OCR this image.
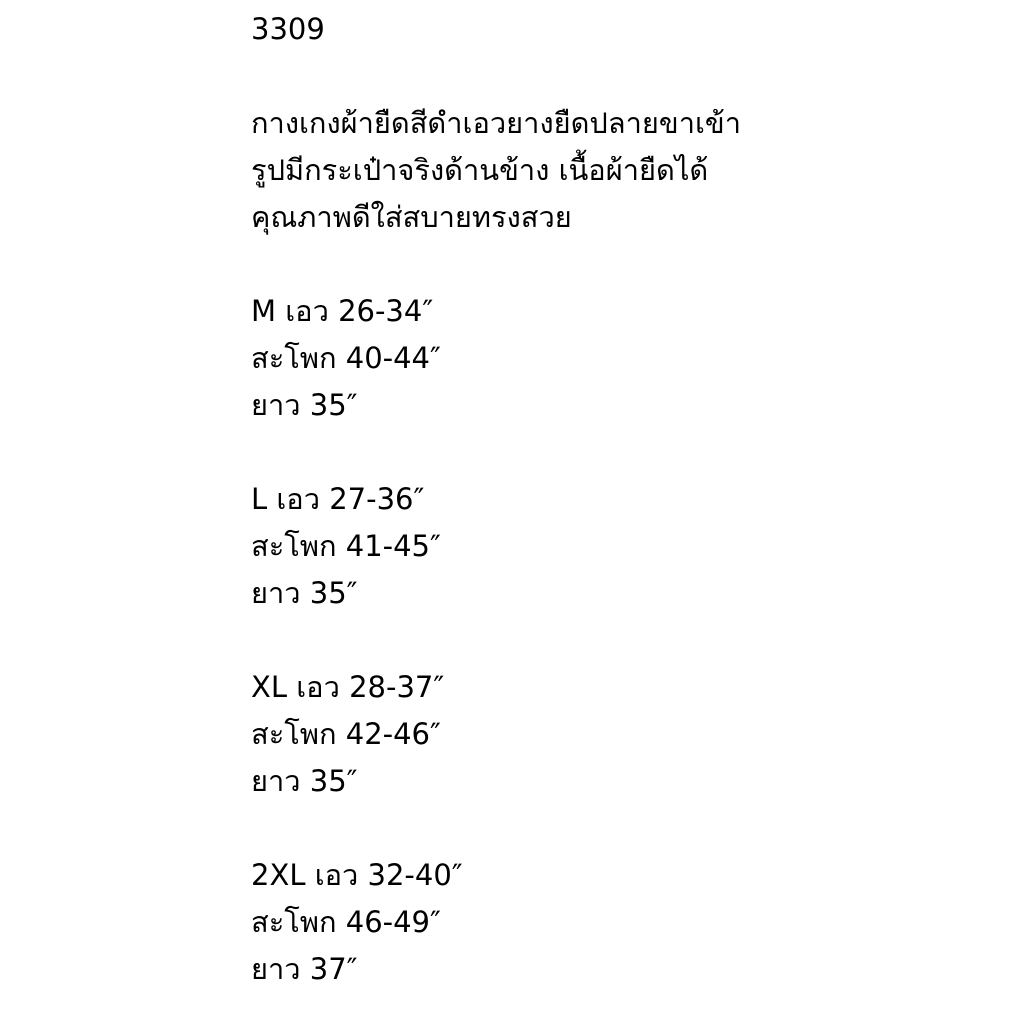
3309
กางเกงผ้ายืดสีดำเอวยางยืดปลายขาเข้า
รูปมีกระเป๋าจริงด้านข้าง เนื้อผ้ายืดได้
คุณภาพดีใส่สบายทรงสวย
M เอว 26-34″
สะโพก 40-44″
ยาว 35″
L เอว 27-36″
สะโพก 41-45″
ยาว 35″
XL เอว 28-37″
สะโพก 42-46″
ยาว 35″
2XL เอว 32-40″
สะโพก 46-49″
ยาว 37″
